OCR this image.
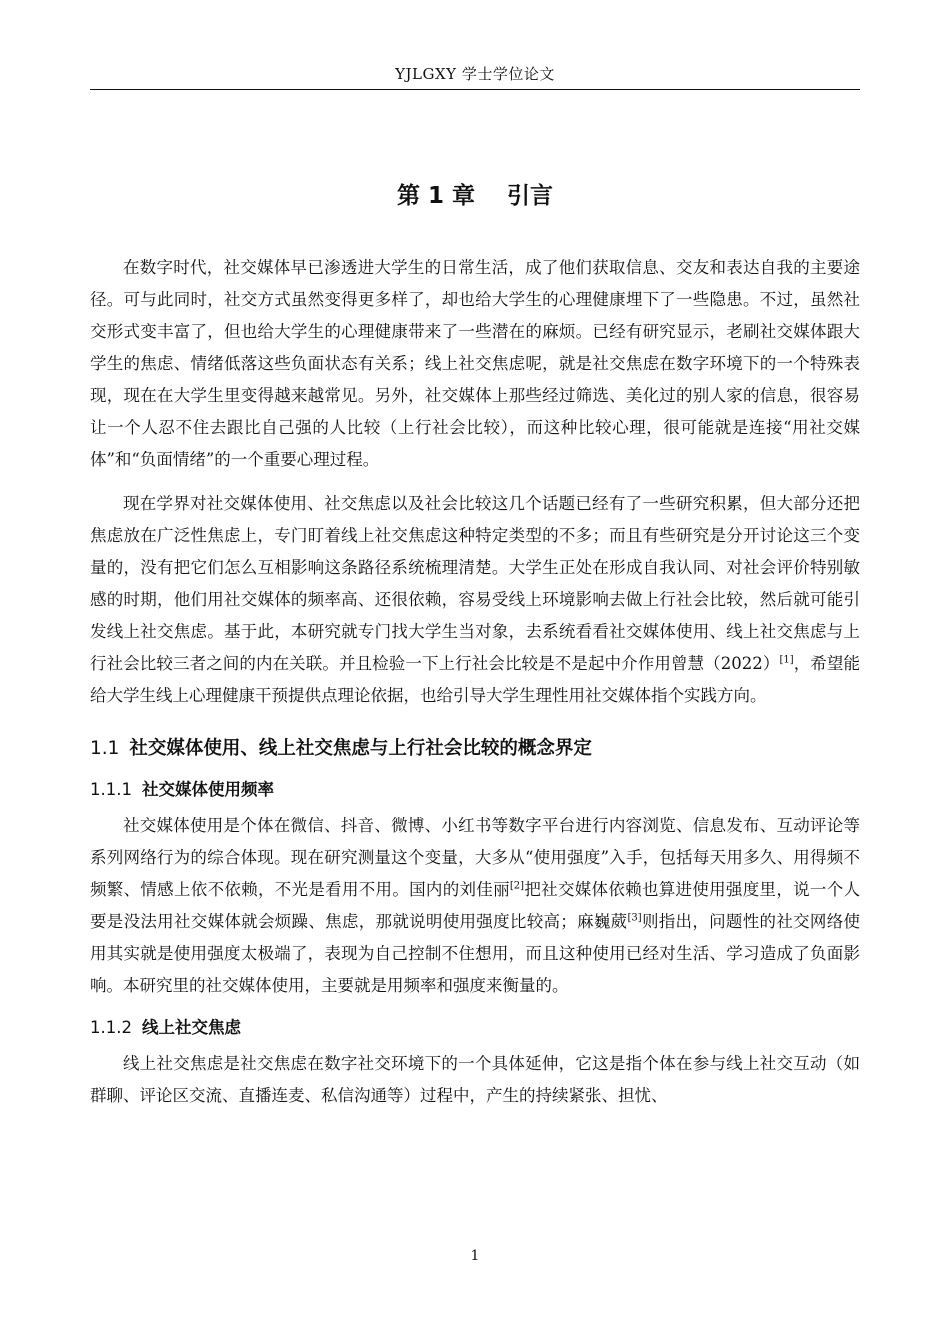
YJLGXY 学士学位论文
第 1 章    引言

在数字时代，社交媒体早已渗透进大学生的日常生活，成了他们获取信息、交友和表达自我的主要途径。可与此同时，社交方式虽然变得更多样了，却也给大学生的心理健康埋下了一些隐患。不过，虽然社交形式变丰富了，但也给大学生的心理健康带来了一些潜在的麻烦。已经有研究显示，老刷社交媒体跟大学生的焦虑、情绪低落这些负面状态有关系；线上社交焦虑呢，就是社交焦虑在数字环境下的一个特殊表现，现在在大学生里变得越来越常见。另外，社交媒体上那些经过筛选、美化过的别人家的信息，很容易让一个人忍不住去跟比自己强的人比较（上行社会比较），而这种比较心理，很可能就是连接“用社交媒体”和“负面情绪”的一个重要心理过程。

现在学界对社交媒体使用、社交焦虑以及社会比较这几个话题已经有了一些研究积累，但大部分还把焦虑放在广泛性焦虑上，专门盯着线上社交焦虑这种特定类型的不多；而且有些研究是分开讨论这三个变量的，没有把它们怎么互相影响这条路径系统梳理清楚。大学生正处在形成自我认同、对社会评价特别敏感的时期，他们用社交媒体的频率高、还很依赖，容易受线上环境影响去做上行社会比较，然后就可能引发线上社交焦虑。基于此，本研究就专门找大学生当对象，去系统看看社交媒体使用、线上社交焦虑与上行社会比较三者之间的内在关联。并且检验一下上行社会比较是不是起中介作用曾慧（2022）[1]，希望能给大学生线上心理健康干预提供点理论依据，也给引导大学生理性用社交媒体指个实践方向。

1.1 社交媒体使用、线上社交焦虑与上行社会比较的概念界定
1.1.1 社交媒体使用频率

社交媒体使用是个体在微信、抖音、微博、小红书等数字平台进行内容浏览、信息发布、互动评论等系列网络行为的综合体现。现在研究测量这个变量，大多从“使用强度”入手，包括每天用多久、用得频不频繁、情感上依不依赖，不光是看用不用。国内的刘佳丽[2]把社交媒体依赖也算进使用强度里，说一个人要是没法用社交媒体就会烦躁、焦虑，那就说明使用强度比较高；麻巍葳[3]则指出，问题性的社交网络使用其实就是使用强度太极端了，表现为自己控制不住想用，而且这种使用已经对生活、学习造成了负面影响。本研究里的社交媒体使用，主要就是用频率和强度来衡量的。

1.1.2 线上社交焦虑

线上社交焦虑是社交焦虑在数字社交环境下的一个具体延伸，它这是指个体在参与线上社交互动（如群聊、评论区交流、直播连麦、私信沟通等）过程中，产生的持续紧张、担忧、

1
